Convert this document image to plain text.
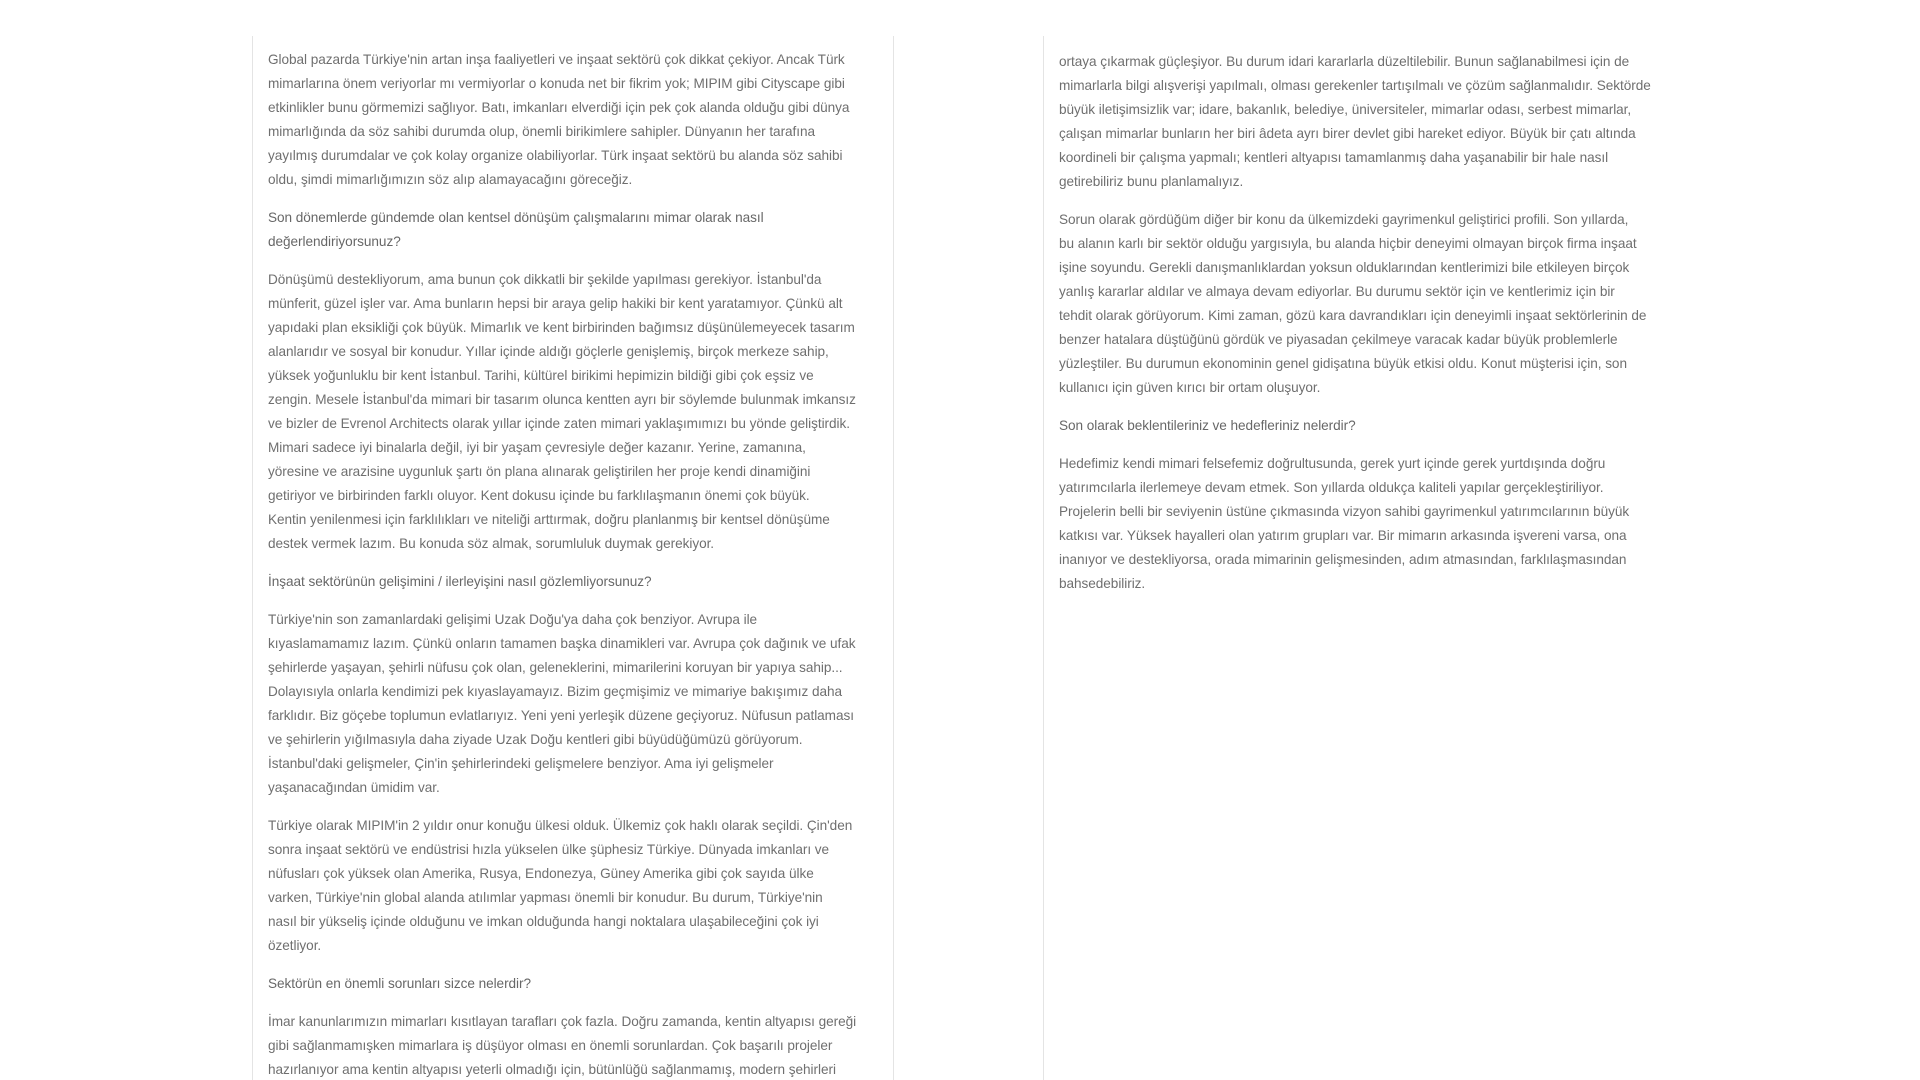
Global pazarda Türkiye'nin artan inşa faaliyetleri ve inşaat sektörü çok dikkat çekiyor. Ancak Türk
mimarlarına önem veriyorlar mı vermiyorlar o konuda net bir fikrim yok; MIPIM gibi Cityscape gibi
etkinlikler bunu görmemizi sağlıyor. Batı, imkanları elverdiği için pek çok alanda olduğu gibi dünya
mimarlığında da söz sahibi durumda olup, önemli birikimlere sahipler. Dünyanın her tarafına
yayılmış durumdalar ve çok kolay organize olabiliyorlar. Türk inşaat sektörü bu alanda söz sahibi
oldu, şimdi mimarlığımızın söz alıp alamayacağını göreceğiz.

Son dönemlerde gündemde olan kentsel dönüşüm çalışmalarını mimar olarak nasıl
değerlendiriyorsunuz?

Dönüşümü destekliyorum, ama bunun çok dikkatli bir şekilde yapılması gerekiyor. İstanbul'da
münferit, güzel işler var. Ama bunların hepsi bir araya gelip hakiki bir kent yaratamıyor. Çünkü alt
yapıdaki plan eksikliği çok büyük. Mimarlık ve kent birbirinden bağımsız düşünülemeyecek tasarım
alanlarıdır ve sosyal bir konudur. Yıllar içinde aldığı göçlerle genişlemiş, birçok merkeze sahip,
yüksek yoğunluklu bir kent İstanbul. Tarihi, kültürel birikimi hepimizin bildiği gibi çok eşsiz ve
zengin. Mesele İstanbul'da mimari bir tasarım olunca kentten ayrı bir söylemde bulunmak imkansız
ve bizler de Evrenol Architects olarak yıllar içinde zaten mimari yaklaşımımızı bu yönde geliştirdik.
Mimari sadece iyi binalarla değil, iyi bir yaşam çevresiyle değer kazanır. Yerine, zamanına,
yöresine ve arazisine uygunluk şartı ön plana alınarak geliştirilen her proje kendi dinamiğini
getiriyor ve birbirinden farklı oluyor. Kent dokusu içinde bu farklılaşmanın önemi çok büyük.
Kentin yenilenmesi için farklılıkları ve niteliği arttırmak, doğru planlanmış bir kentsel dönüşüme
destek vermek lazım. Bu konuda söz almak, sorumluluk duymak gerekiyor.

İnşaat sektörünün gelişimini / ilerleyişini nasıl gözlemliyorsunuz?

Türkiye'nin son zamanlardaki gelişimi Uzak Doğu'ya daha çok benziyor. Avrupa ile
kıyaslamamamız lazım. Çünkü onların tamamen başka dinamikleri var. Avrupa çok dağınık ve ufak
şehirlerde yaşayan, şehirli nüfusu çok olan, geleneklerini, mimarilerini koruyan bir yapıya sahip...
Dolayısıyla onlarla kendimizi pek kıyaslayamayız. Bizim geçmişimiz ve mimariye bakışımız daha
farklıdır. Biz göçebe toplumun evlatlarıyız. Yeni yeni yerleşik düzene geçiyoruz. Nüfusun patlaması
ve şehirlerin yığılmasıyla daha ziyade Uzak Doğu kentleri gibi büyüdüğümüzü görüyorum.
İstanbul'daki gelişmeler, Çin'in şehirlerindeki gelişmelere benziyor. Ama iyi gelişmeler
yaşanacağından ümidim var.

Türkiye olarak MIPIM'in 2 yıldır onur konuğu ülkesi olduk. Ülkemiz çok haklı olarak seçildi. Çin'den
sonra inşaat sektörü ve endüstrisi hızla yükselen ülke şüphesiz Türkiye. Dünyada imkanları ve
nüfusları çok yüksek olan Amerika, Rusya, Endonezya, Güney Amerika gibi çok sayıda ülke
varken, Türkiye'nin global alanda atılımlar yapması önemli bir konudur. Bu durum, Türkiye'nin
nasıl bir yükseliş içinde olduğunu ve imkan olduğunda hangi noktalara ulaşabileceğini çok iyi
özetliyor.

Sektörün en önemli sorunları sizce nelerdir?

İmar kanunlarımızın mimarları kısıtlayan tarafları çok fazla. Doğru zamanda, kentin altyapısı gereği
gibi sağlanmamışken mimarlara iş düşüyor olması en önemli sorunlardan. Çok başarılı projeler
hazırlanıyor ama kentin altyapısı yeterli olmadığı için, bütünlüğü sağlanmamış, modern şehirleri

ortaya çıkarmak güçleşiyor. Bu durum idari kararlarla düzeltilebilir. Bunun sağlanabilmesi için de
mimarlarla bilgi alışverişi yapılmalı, olması gerekenler tartışılmalı ve çözüm sağlanmalıdır. Sektörde
büyük iletişimsizlik var; idare, bakanlık, belediye, üniversiteler, mimarlar odası, serbest mimarlar,
çalışan mimarlar bunların her biri âdeta ayrı birer devlet gibi hareket ediyor. Büyük bir çatı altında
koordineli bir çalışma yapmalı; kentleri altyapısı tamamlanmış daha yaşanabilir bir hale nasıl
getirebiliriz bunu planlamalıyız.

Sorun olarak gördüğüm diğer bir konu da ülkemizdeki gayrimenkul geliştirici profili. Son yıllarda,
bu alanın karlı bir sektör olduğu yargısıyla, bu alanda hiçbir deneyimi olmayan birçok firma inşaat
işine soyundu. Gerekli danışmanlıklardan yoksun olduklarından kentlerimizi bile etkileyen birçok
yanlış kararlar aldılar ve almaya devam ediyorlar. Bu durumu sektör için ve kentlerimiz için bir
tehdit olarak görüyorum. Kimi zaman, gözü kara davrandıkları için deneyimli inşaat sektörlerinin de
benzer hatalara düştüğünü gördük ve piyasadan çekilmeye varacak kadar büyük problemlerle
yüzleştiler. Bu durumun ekonominin genel gidişatına büyük etkisi oldu. Konut müşterisi için, son
kullanıcı için güven kırıcı bir ortam oluşuyor.

Son olarak beklentileriniz ve hedefleriniz nelerdir?

Hedefimiz kendi mimari felsefemiz doğrultusunda, gerek yurt içinde gerek yurtdışında doğru
yatırımcılarla ilerlemeye devam etmek. Son yıllarda oldukça kaliteli yapılar gerçekleştiriliyor.
Projelerin belli bir seviyenin üstüne çıkmasında vizyon sahibi gayrimenkul yatırımcılarının büyük
katkısı var. Yüksek hayalleri olan yatırım grupları var. Bir mimarın arkasında işvereni varsa, ona
inanıyor ve destekliyorsa, orada mimarinin gelişmesinden, adım atmasından, farklılaşmasından
bahsedebiliriz.
